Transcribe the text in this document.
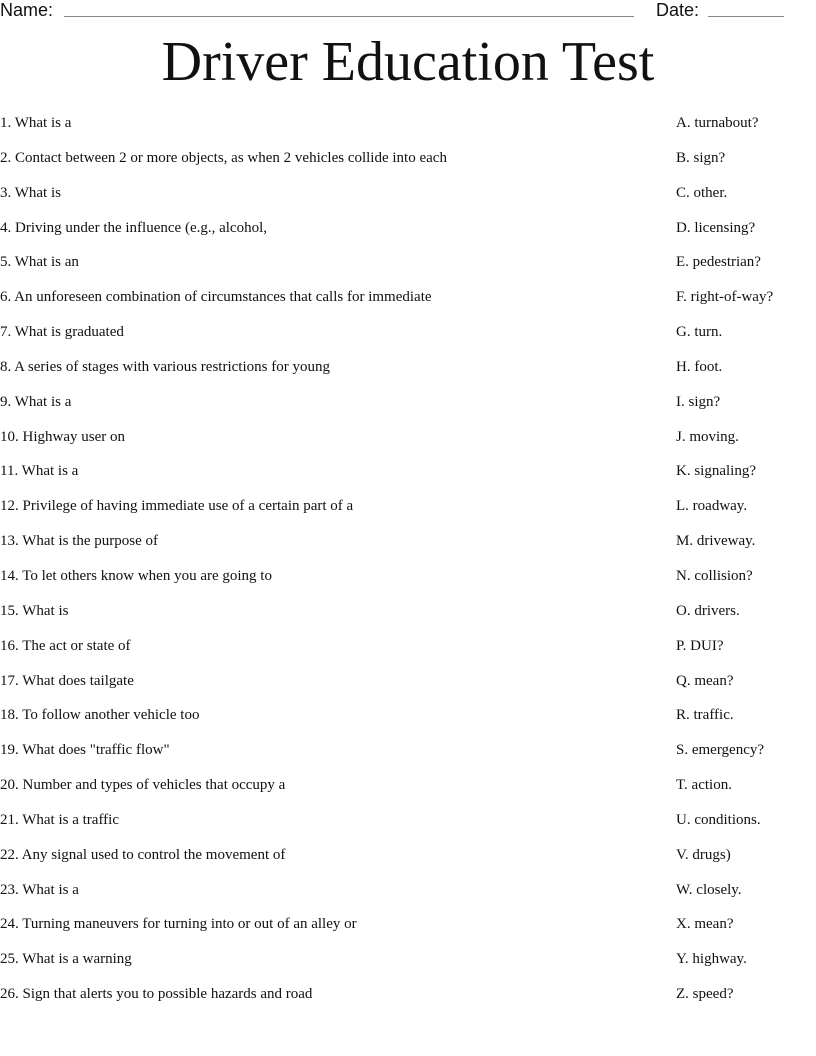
Name:	Date:
Driver Education Test
1. What is a	A. turnabout?
2. Contact between 2 or more objects, as when 2 vehicles collide into each	B. sign?
3. What is	C. other.
4. Driving under the influence (e.g., alcohol,	D. licensing?
5. What is an	E. pedestrian?
6. An unforeseen combination of circumstances that calls for immediate	F. right-of-way?
7. What is graduated	G. turn.
8. A series of stages with various restrictions for young	H. foot.
9. What is a	I. sign?
10. Highway user on	J. moving.
11. What is a	K. signaling?
12. Privilege of having immediate use of a certain part of a	L. roadway.
13. What is the purpose of	M. driveway.
14. To let others know when you are going to	N. collision?
15. What is	O. drivers.
16. The act or state of	P. DUI?
17. What does tailgate	Q. mean?
18. To follow another vehicle too	R. traffic.
19. What does "traffic flow"	S. emergency?
20. Number and types of vehicles that occupy a	T. action.
21. What is a traffic	U. conditions.
22. Any signal used to control the movement of	V. drugs)
23. What is a	W. closely.
24. Turning maneuvers for turning into or out of an alley or	X. mean?
25. What is a warning	Y. highway.
26. Sign that alerts you to possible hazards and road	Z. speed?
